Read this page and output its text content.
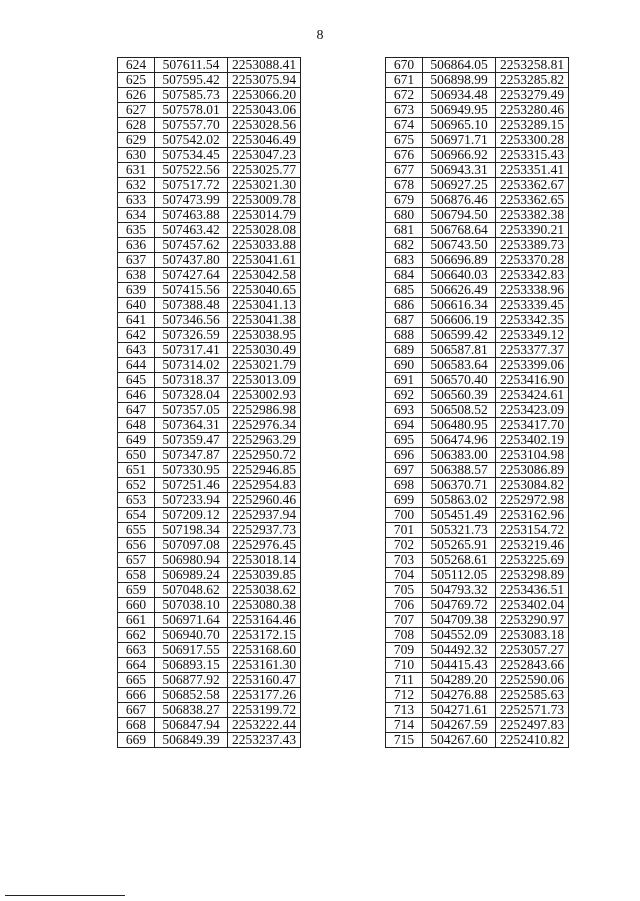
8
624	507611.54	2253088.41
625	507595.42	2253075.94
626	507585.73	2253066.20
627	507578.01	2253043.06
628	507557.70	2253028.56
629	507542.02	2253046.49
630	507534.45	2253047.23
631	507522.56	2253025.77
632	507517.72	2253021.30
633	507473.99	2253009.78
634	507463.88	2253014.79
635	507463.42	2253028.08
636	507457.62	2253033.88
637	507437.80	2253041.61
638	507427.64	2253042.58
639	507415.56	2253040.65
640	507388.48	2253041.13
641	507346.56	2253041.38
642	507326.59	2253038.95
643	507317.41	2253030.49
644	507314.02	2253021.79
645	507318.37	2253013.09
646	507328.04	2253002.93
647	507357.05	2252986.98
648	507364.31	2252976.34
649	507359.47	2252963.29
650	507347.87	2252950.72
651	507330.95	2252946.85
652	507251.46	2252954.83
653	507233.94	2252960.46
654	507209.12	2252937.94
655	507198.34	2252937.73
656	507097.08	2252976.45
657	506980.94	2253018.14
658	506989.24	2253039.85
659	507048.62	2253038.62
660	507038.10	2253080.38
661	506971.64	2253164.46
662	506940.70	2253172.15
663	506917.55	2253168.60
664	506893.15	2253161.30
665	506877.92	2253160.47
666	506852.58	2253177.26
667	506838.27	2253199.72
668	506847.94	2253222.44
669	506849.39	2253237.43
670	506864.05	2253258.81
671	506898.99	2253285.82
672	506934.48	2253279.49
673	506949.95	2253280.46
674	506965.10	2253289.15
675	506971.71	2253300.28
676	506966.92	2253315.43
677	506943.31	2253351.41
678	506927.25	2253362.67
679	506876.46	2253362.65
680	506794.50	2253382.38
681	506768.64	2253390.21
682	506743.50	2253389.73
683	506696.89	2253370.28
684	506640.03	2253342.83
685	506626.49	2253338.96
686	506616.34	2253339.45
687	506606.19	2253342.35
688	506599.42	2253349.12
689	506587.81	2253377.37
690	506583.64	2253399.06
691	506570.40	2253416.90
692	506560.39	2253424.61
693	506508.52	2253423.09
694	506480.95	2253417.70
695	506474.96	2253402.19
696	506383.00	2253104.98
697	506388.57	2253086.89
698	506370.71	2253084.82
699	505863.02	2252972.98
700	505451.49	2253162.96
701	505321.73	2253154.72
702	505265.91	2253219.46
703	505268.61	2253225.69
704	505112.05	2253298.89
705	504793.32	2253436.51
706	504769.72	2253402.04
707	504709.38	2253290.97
708	504552.09	2253083.18
709	504492.32	2253057.27
710	504415.43	2252843.66
711	504289.20	2252590.06
712	504276.88	2252585.63
713	504271.61	2252571.73
714	504267.59	2252497.83
715	504267.60	2252410.82
